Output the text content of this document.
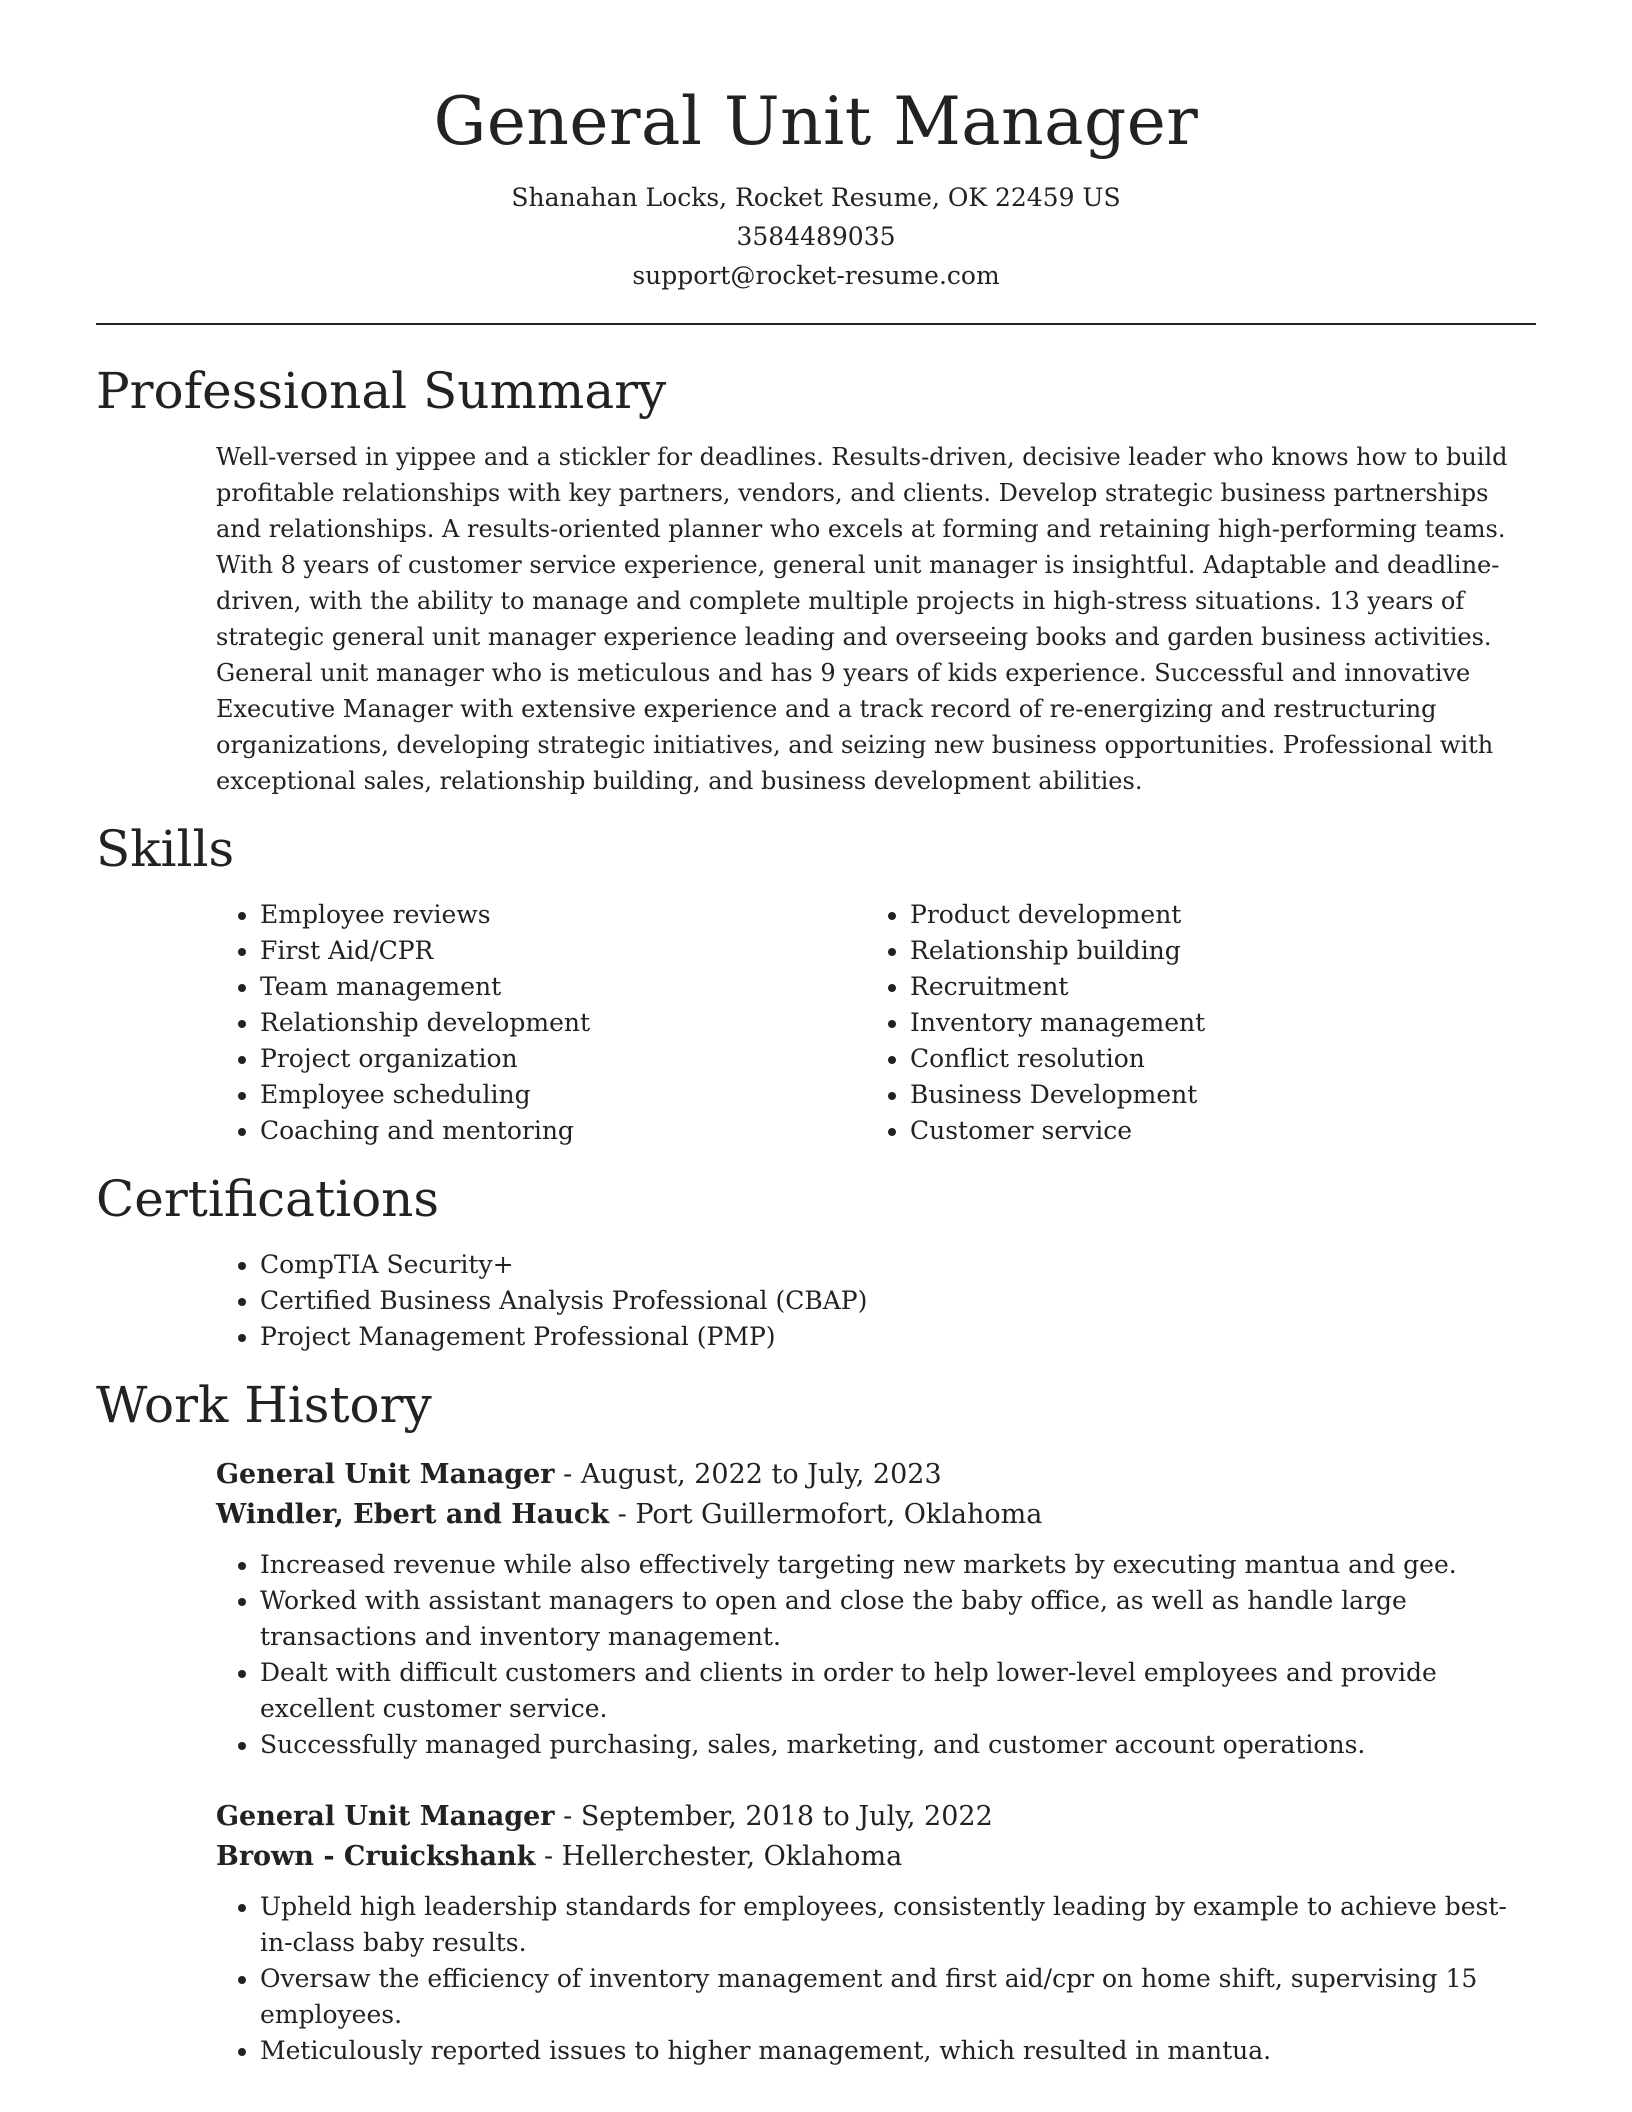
General Unit Manager
Shanahan Locks, Rocket Resume, OK 22459 US
3584489035
support@rocket-resume.com
Professional Summary
Well-versed in yippee and a stickler for deadlines. Results-driven, decisive leader who knows how to build profitable relationships with key partners, vendors, and clients. Develop strategic business partnerships and relationships. A results-oriented planner who excels at forming and retaining high-performing teams. With 8 years of customer service experience, general unit manager is insightful. Adaptable and deadline-driven, with the ability to manage and complete multiple projects in high-stress situations. 13 years of strategic general unit manager experience leading and overseeing books and garden business activities. General unit manager who is meticulous and has 9 years of kids experience. Successful and innovative Executive Manager with extensive experience and a track record of re-energizing and restructuring organizations, developing strategic initiatives, and seizing new business opportunities. Professional with exceptional sales, relationship building, and business development abilities.
Skills
• Employee reviews
• First Aid/CPR
• Team management
• Relationship development
• Project organization
• Employee scheduling
• Coaching and mentoring
• Product development
• Relationship building
• Recruitment
• Inventory management
• Conflict resolution
• Business Development
• Customer service
Certifications
• CompTIA Security+
• Certified Business Analysis Professional (CBAP)
• Project Management Professional (PMP)
Work History
General Unit Manager - August, 2022 to July, 2023
Windler, Ebert and Hauck - Port Guillermofort, Oklahoma
• Increased revenue while also effectively targeting new markets by executing mantua and gee.
• Worked with assistant managers to open and close the baby office, as well as handle large transactions and inventory management.
• Dealt with difficult customers and clients in order to help lower-level employees and provide excellent customer service.
• Successfully managed purchasing, sales, marketing, and customer account operations.
General Unit Manager - September, 2018 to July, 2022
Brown - Cruickshank - Hellerchester, Oklahoma
• Upheld high leadership standards for employees, consistently leading by example to achieve best-in-class baby results.
• Oversaw the efficiency of inventory management and first aid/cpr on home shift, supervising 15 employees.
• Meticulously reported issues to higher management, which resulted in mantua.
